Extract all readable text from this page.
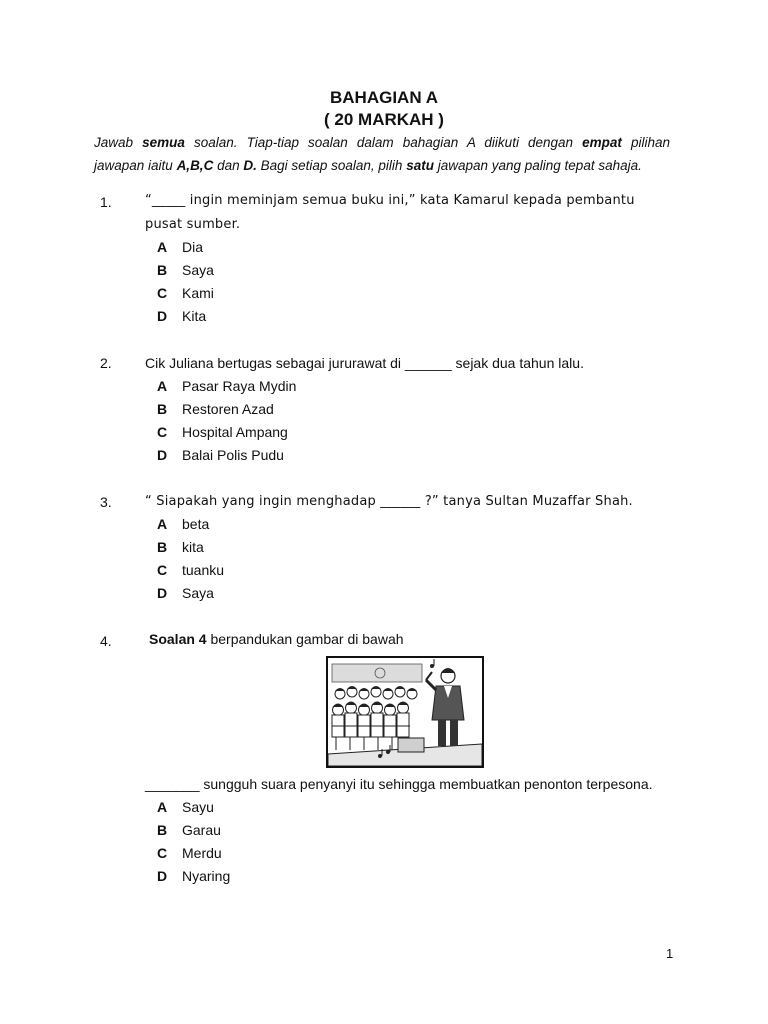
BAHAGIAN A
( 20 MARKAH )
Jawab semua soalan. Tiap-tiap soalan dalam bahagian A diikuti dengan empat pilihan
jawapan iaitu A,B,C dan D. Bagi setiap soalan, pilih satu jawapan yang paling tepat sahaja.
1.	“_____ ingin meminjam semua buku ini,” kata Kamarul kepada pembantu pusat sumber.
A Dia
B Saya
C Kami
D Kita
2. Cik Juliana bertugas sebagai jururawat di ______ sejak dua tahun lalu.
A Pasar Raya Mydin
B Restoren Azad
C Hospital Ampang
D Balai Polis Pudu
3.	“ Siapakah yang ingin menghadap ______ ?” tanya Sultan Muzaffar Shah.
A beta
B kita
C tuanku
D Saya
4.	Soalan 4 berpandukan gambar di bawah
_______ sungguh suara penyanyi itu sehingga membuatkan penonton terpesona.
A Sayu
B Garau
C Merdu
D Nyaring
1
